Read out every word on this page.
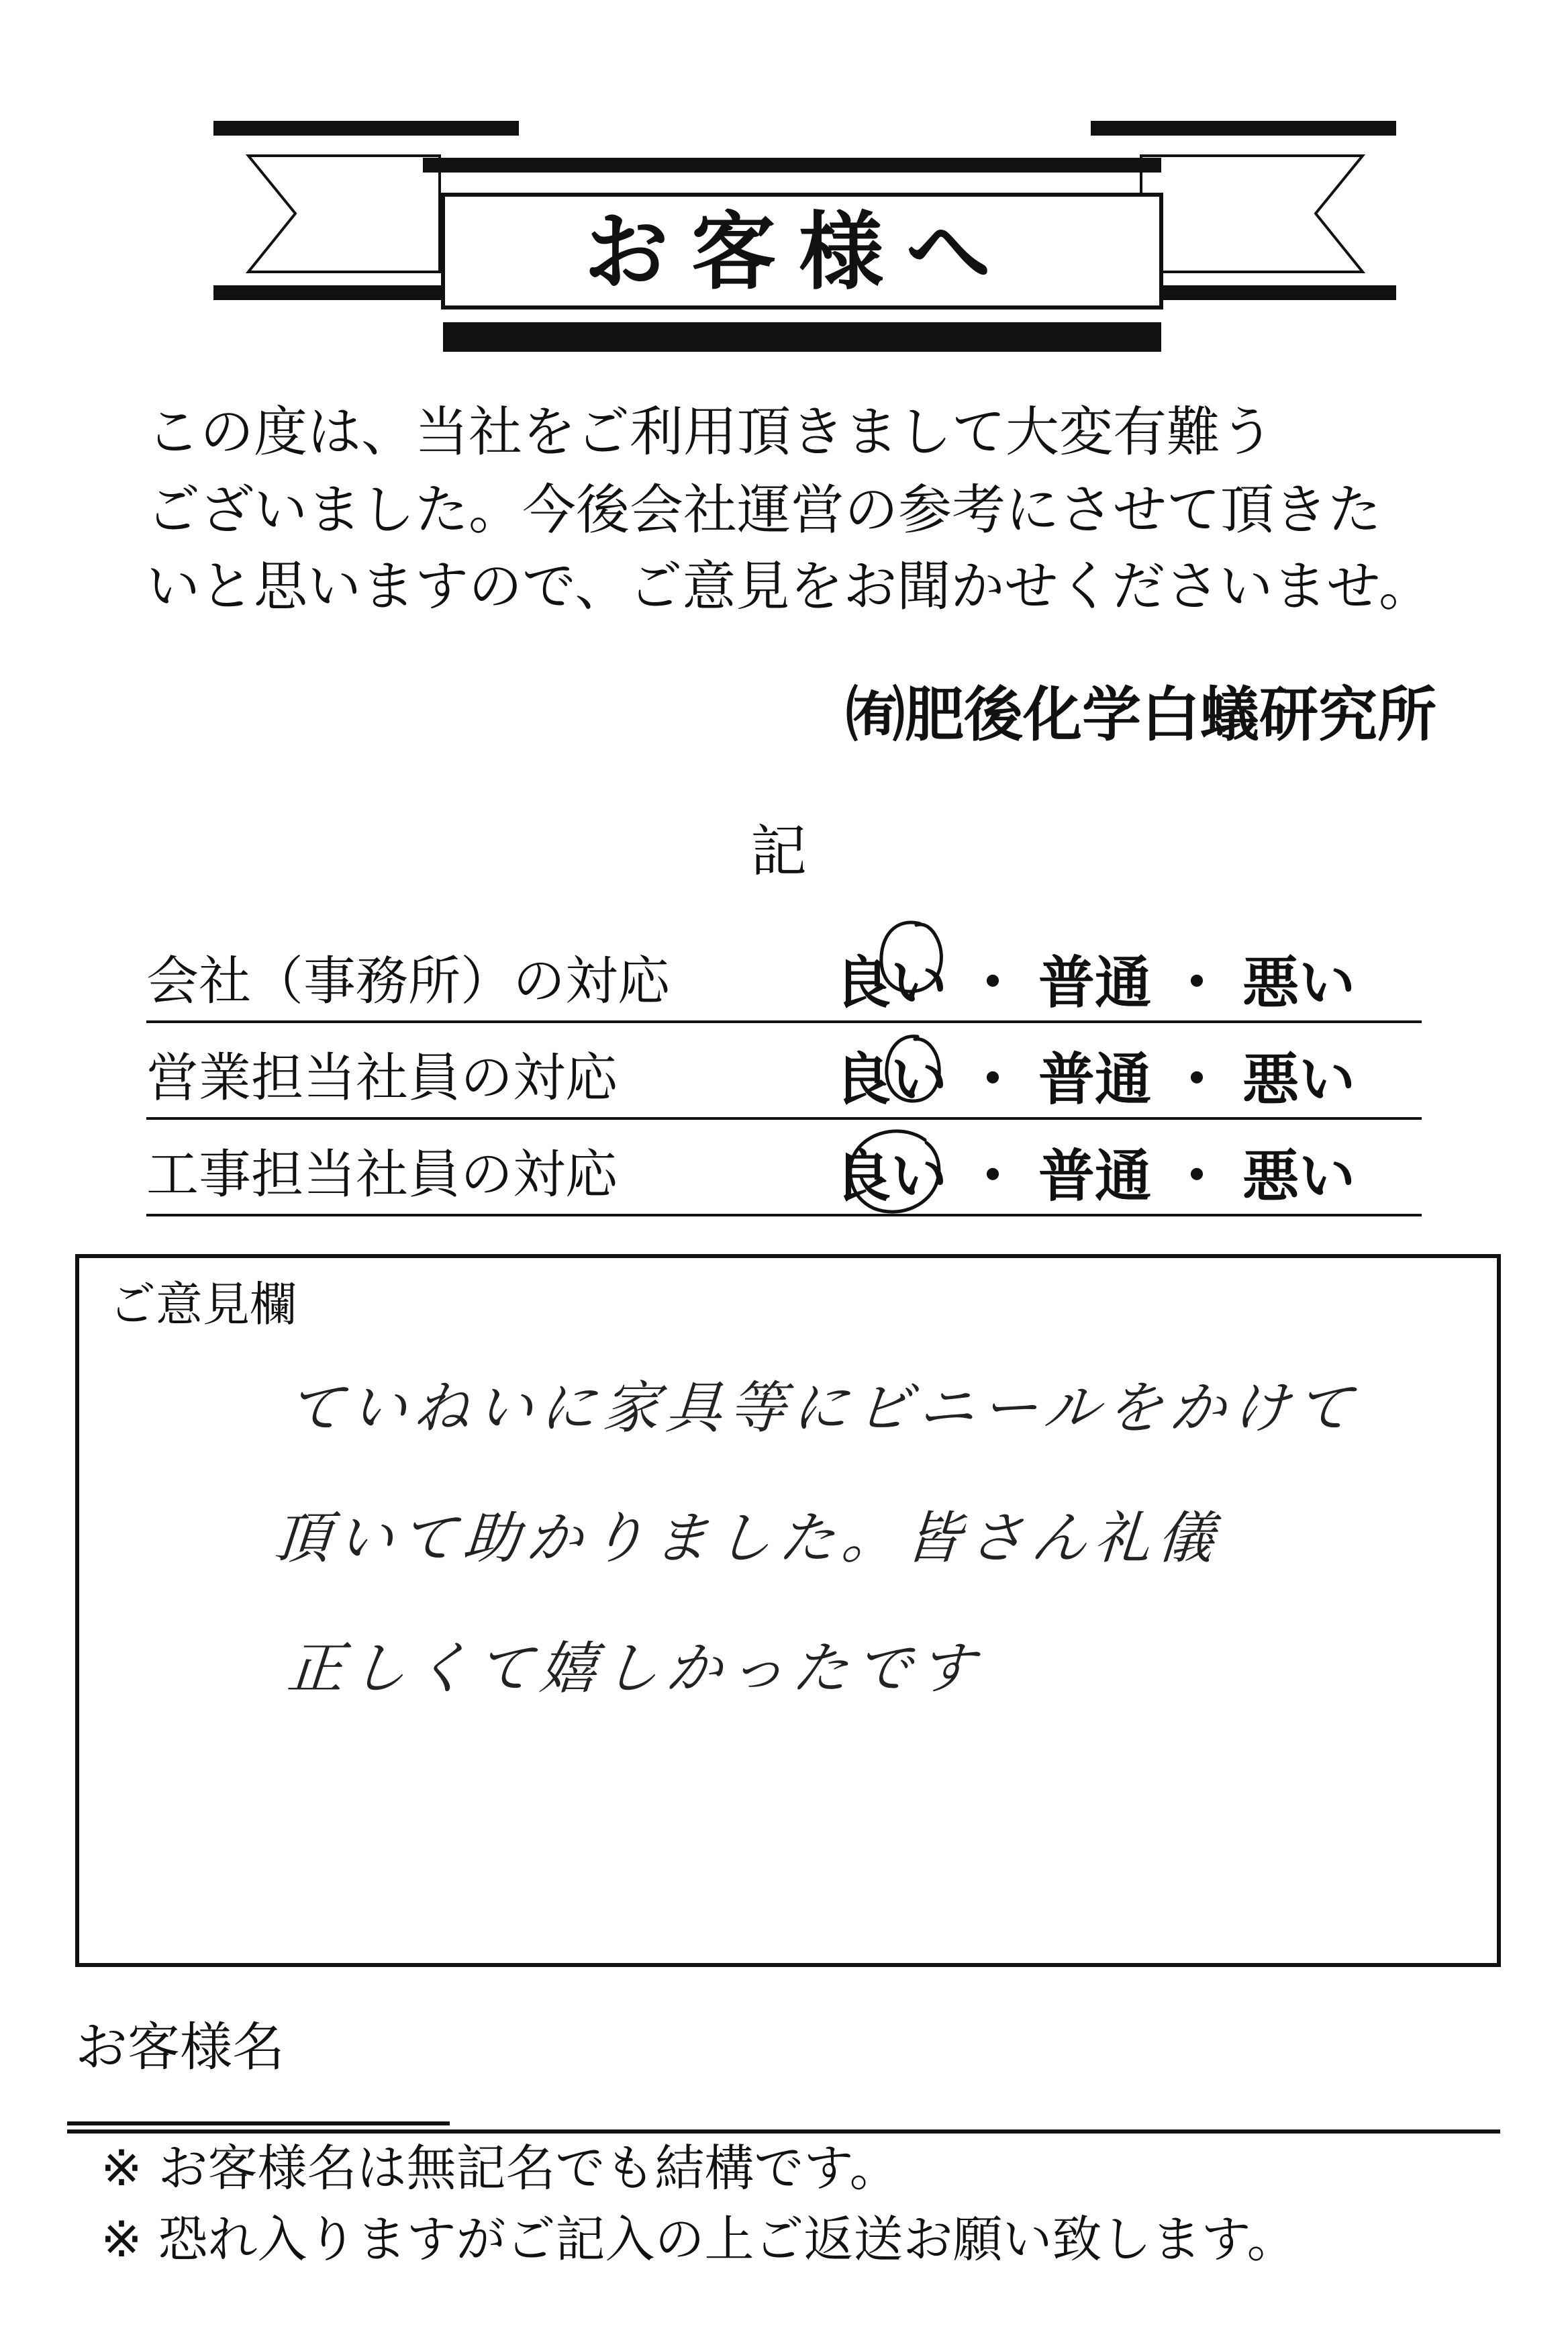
お客様へ
この度は、当社をご利用頂きまして大変有難う
ございました。今後会社運営の参考にさせて頂きた
いと思いますので、ご意見をお聞かせくださいませ。
㈲肥後化学白蟻研究所
記
会社（事務所）の対応	良い ・ 普通 ・ 悪い
営業担当社員の対応	良い ・ 普通 ・ 悪い
工事担当社員の対応	良い ・ 普通 ・ 悪い
ご意見欄
ていねいに家具等にビニールをかけて
頂いて助かりました。皆さん礼儀
正しくて嬉しかったです
お客様名
※ お客様名は無記名でも結構です。
※ 恐れ入りますがご記入の上ご返送お願い致します。
